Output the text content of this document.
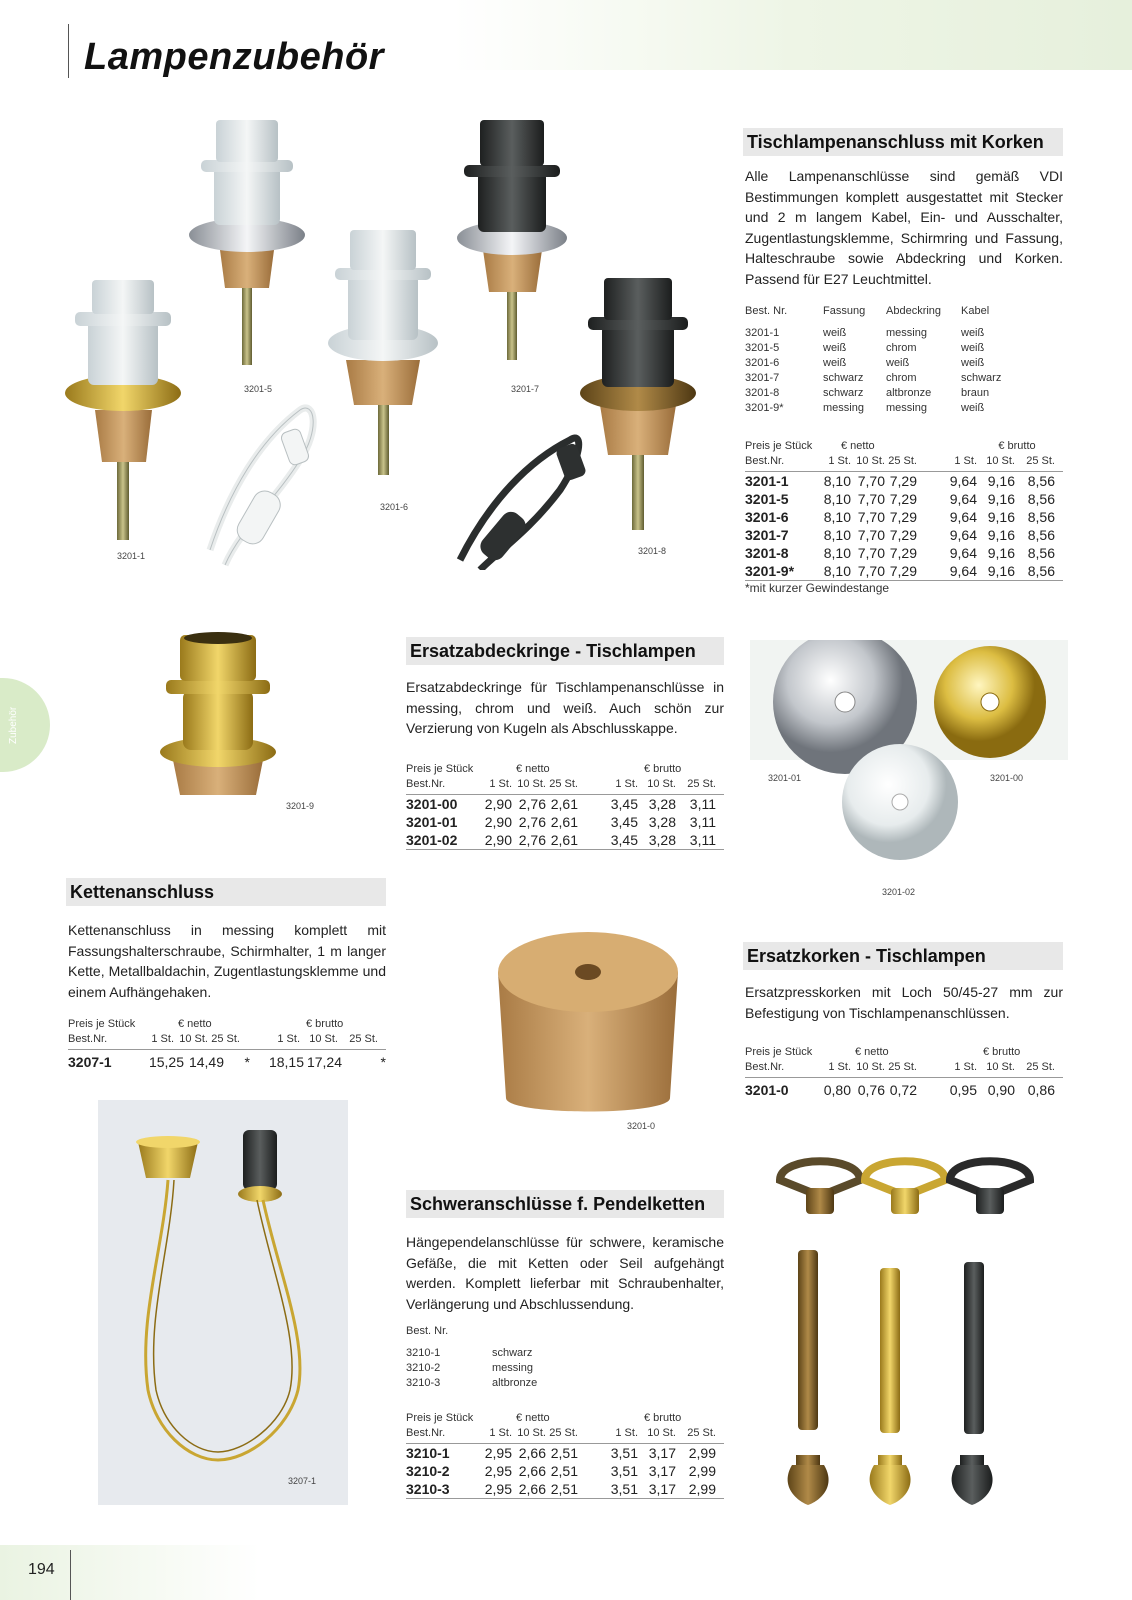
Lampenzubehör
Zubehör
194
3201-5	3201-7
3201-1
3201-6
3201-8
Tischlampenanschluss mit Korken
Alle Lampenanschlüsse sind gemäß VDI Bestimmungen komplett ausgestattet mit Stecker und 2 m langem Kabel, Ein- und Ausschalter, Zugentlastungsklemme, Schirmring und Fassung, Halteschraube sowie Abdeckring und Korken. Passend für E27 Leuchtmittel.
Best. Nr.	Fassung	Abdeckring	Kabel
3201-1	weiß	messing	weiß
3201-5	weiß	chrom	weiß
3201-6	weiß	weiß	weiß
3201-7	schwarz	chrom	schwarz
3201-8	schwarz	altbronze	braun
3201-9*	messing	messing	weiß
Preis je Stück	€ netto	€ brutto
Best.Nr.	1 St. 10 St. 25 St.	1 St. 10 St.	25 St.
3201-1	8,10 7,70 7,29	9,64 9,16 8,56
3201-5	8,10 7,70 7,29	9,64 9,16 8,56
3201-6	8,10 7,70 7,29	9,64 9,16 8,56
3201-7	8,10 7,70 7,29	9,64 9,16 8,56
3201-8	8,10 7,70 7,29	9,64 9,16 8,56
3201-9*	8,10 7,70 7,29	9,64 9,16 8,56
*mit kurzer Gewindestange
3201-9
Ersatzabdeckringe - Tischlampen
Ersatzabdeckringe für Tischlampenanschlüsse in messing, chrom und weiß. Auch schön zur Verzierung von Kugeln als Abschlusskappe.
Preis je Stück	€ netto	€ brutto
Best.Nr.	1 St. 10 St. 25 St.	1 St. 10 St.	25 St.
3201-00	2,90 2,76 2,61	3,45 3,28 3,11
3201-01	2,90 2,76 2,61	3,45 3,28 3,11
3201-02	2,90 2,76 2,61	3,45 3,28 3,11
3201-01	3201-00
3201-02
Kettenanschluss
Kettenanschluss in messing komplett mit Fassungshalterschraube, Schirmhalter, 1 m langer Kette, Metallbaldachin, Zugentlastungsklemme und einem Aufhängehaken.
Preis je Stück	€ netto	€ brutto
Best.Nr.	1 St. 10 St. 25 St.	1 St. 10 St.	25 St.
3207-1	15,25 14,49	*	18,15 17,24	*
3207-1
3201-0
Ersatzkorken - Tischlampen
Ersatzpresskorken mit Loch 50/45-27 mm zur Befestigung von Tischlampenanschlüssen.
Preis je Stück	€ netto	€ brutto
Best.Nr.	1 St. 10 St. 25 St.	1 St. 10 St.	25 St.
3201-0	0,80 0,76 0,72	0,95 0,90 0,86
Schweranschlüsse f. Pendelketten
Hängependelanschlüsse für schwere, keramische Gefäße, die mit Ketten oder Seil aufgehängt werden. Komplett lieferbar mit Schraubenhalter, Verlängerung und Abschlussendung.
Best. Nr.	
3210-1	schwarz
3210-2	messing
3210-3	altbronze
Preis je Stück	€ netto	€ brutto
Best.Nr.	1 St. 10 St. 25 St.	1 St. 10 St.	25 St.
3210-1	2,95 2,66 2,51	3,51 3,17 2,99
3210-2	2,95 2,66 2,51	3,51 3,17 2,99
3210-3	2,95 2,66 2,51	3,51 3,17 2,99
